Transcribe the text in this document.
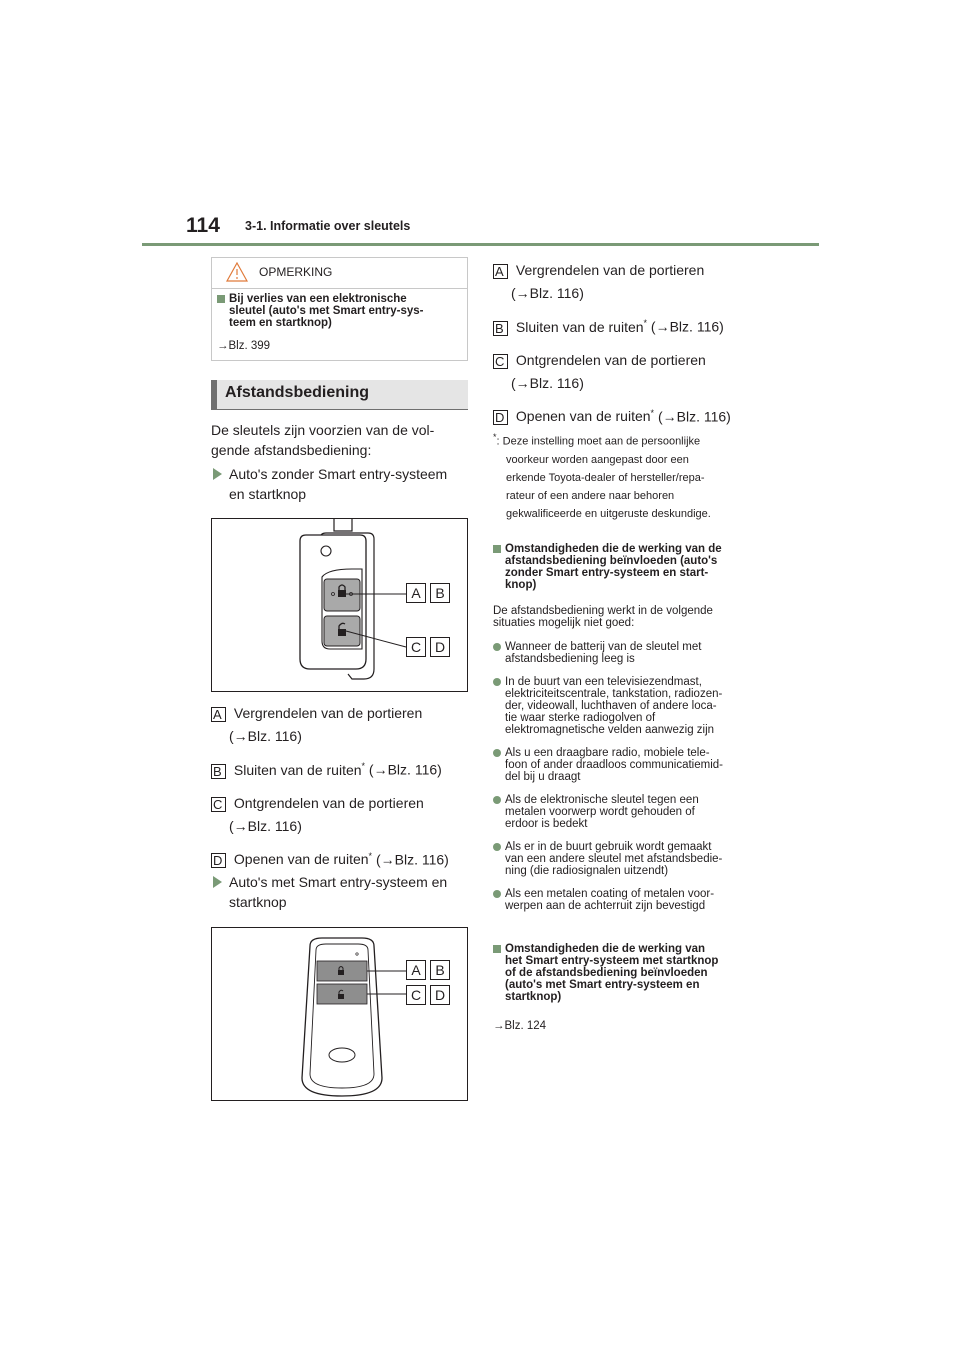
114 3-1. Informatie over sleutels
OPMERKING
Bij verlies van een elektronische
sleutel (auto's met Smart entry-sys-
teem en startknop)
→Blz. 399
Afstandsbediening
De sleutels zijn voorzien van de vol-
gende afstandsbediening:
Auto's zonder Smart entry-systeem
en startknop
A	B
C D
A Vergrendelen van de portieren
(→Blz. 116)
B Sluiten van de ruiten* (→Blz. 116)
C Ontgrendelen van de portieren
(→Blz. 116)
D Openen van de ruiten* (→Blz. 116)
Auto's met Smart entry-systeem en
startknop
A	B
C D
A Vergrendelen van de portieren
(→Blz. 116)
B Sluiten van de ruiten* (→Blz. 116)
C Ontgrendelen van de portieren
(→Blz. 116)
D Openen van de ruiten* (→Blz. 116)
*: Deze instelling moet aan de persoonlijke
voorkeur worden aangepast door een
erkende Toyota-dealer of hersteller/repa-
rateur of een andere naar behoren
gekwalificeerde en uitgeruste deskundige.
Omstandigheden die de werking van de
afstandsbediening beïnvloeden (auto's
zonder Smart entry-systeem en start-
knop)
De afstandsbediening werkt in de volgende
situaties mogelijk niet goed:
Wanneer de batterij van de sleutel met
afstandsbediening leeg is
In de buurt van een televisiezendmast,
elektriciteitscentrale, tankstation, radiozen-
der, videowall, luchthaven of andere loca-
tie waar sterke radiogolven of
elektromagnetische velden aanwezig zijn
Als u een draagbare radio, mobiele tele-
foon of ander draadloos communicatiemid-
del bij u draagt
Als de elektronische sleutel tegen een
metalen voorwerp wordt gehouden of
erdoor is bedekt
Als er in de buurt gebruik wordt gemaakt
van een andere sleutel met afstandsbedie-
ning (die radiosignalen uitzendt)
Als een metalen coating of metalen voor-
werpen aan de achterruit zijn bevestigd
Omstandigheden die de werking van
het Smart entry-systeem met startknop
of de afstandsbediening beïnvloeden
(auto's met Smart entry-systeem en
startknop)
→Blz. 124
